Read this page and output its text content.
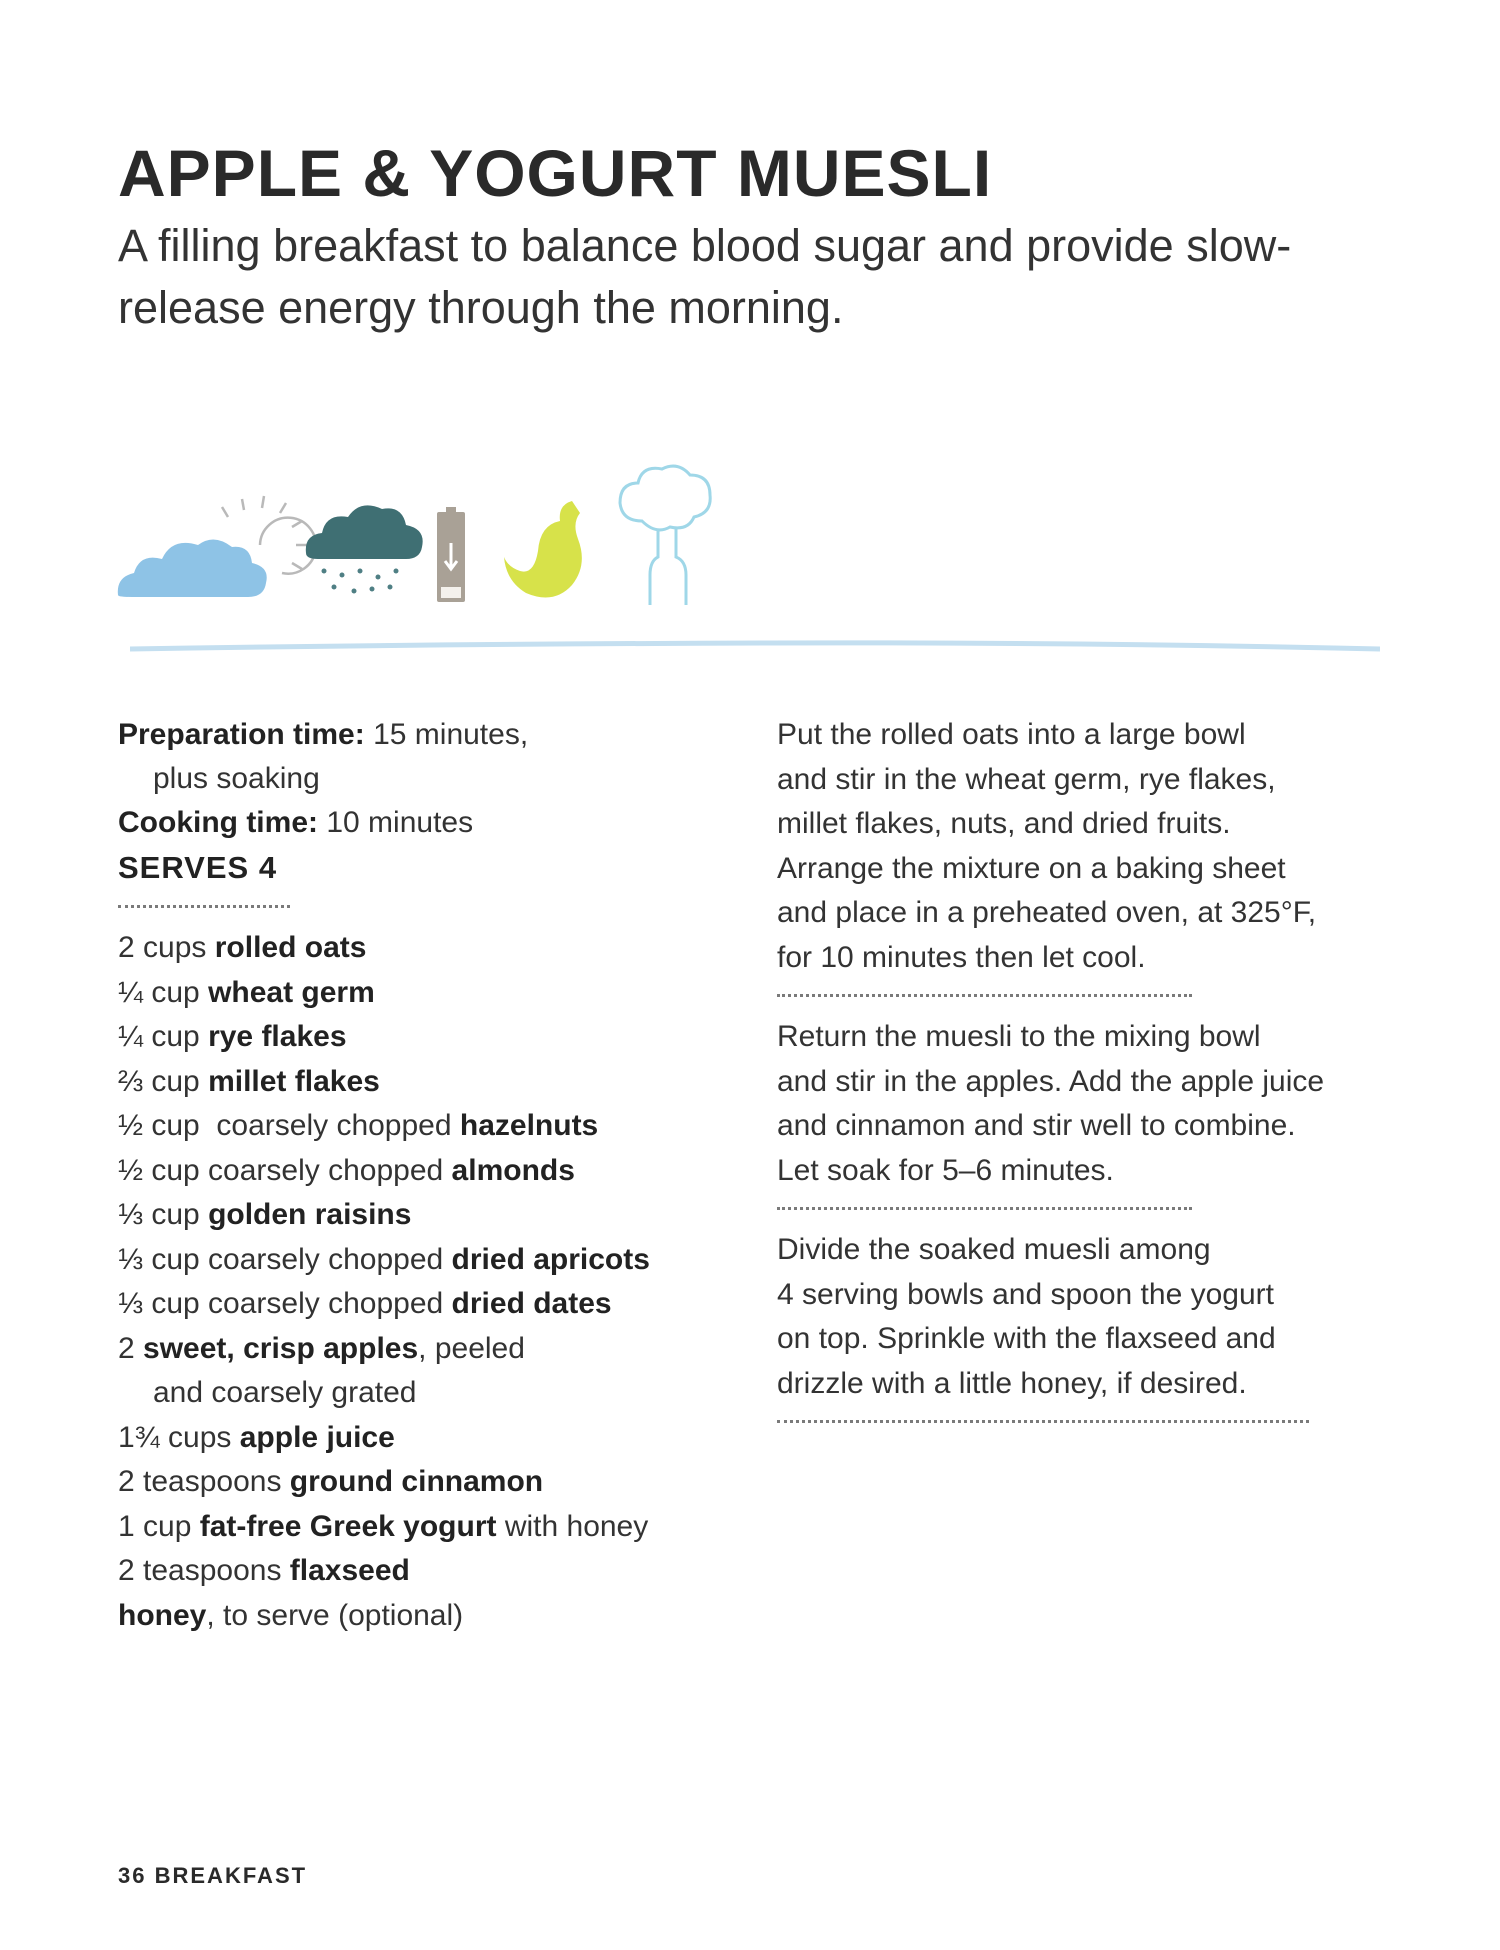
APPLE & YOGURT MUESLI

A filling breakfast to balance blood sugar and provide slow-release energy through the morning.

Preparation time: 15 minutes,

plus soaking

Cooking time: 10 minutes

SERVES 4

2 cups rolled oats
¼ cup wheat germ
¼ cup rye flakes
⅔ cup millet flakes
½ cup  coarsely chopped hazelnuts
½ cup coarsely chopped almonds
⅓ cup golden raisins
⅓ cup coarsely chopped dried apricots
⅓ cup coarsely chopped dried dates
2 sweet, crisp apples, peeled
and coarsely grated
1¾ cups apple juice
2 teaspoons ground cinnamon
1 cup fat-free Greek yogurt with honey
2 teaspoons flaxseed
honey, to serve (optional)

Put the rolled oats into a large bowl

and stir in the wheat germ, rye flakes,

millet flakes, nuts, and dried fruits.

Arrange the mixture on a baking sheet

and place in a preheated oven, at 325°F,

for 10 minutes then let cool.

Return the muesli to the mixing bowl

and stir in the apples. Add the apple juice

and cinnamon and stir well to combine.

Let soak for 5–6 minutes.

Divide the soaked muesli among

4 serving bowls and spoon the yogurt

on top. Sprinkle with the flaxseed and

drizzle with a little honey, if desired.

36 BREAKFAST
